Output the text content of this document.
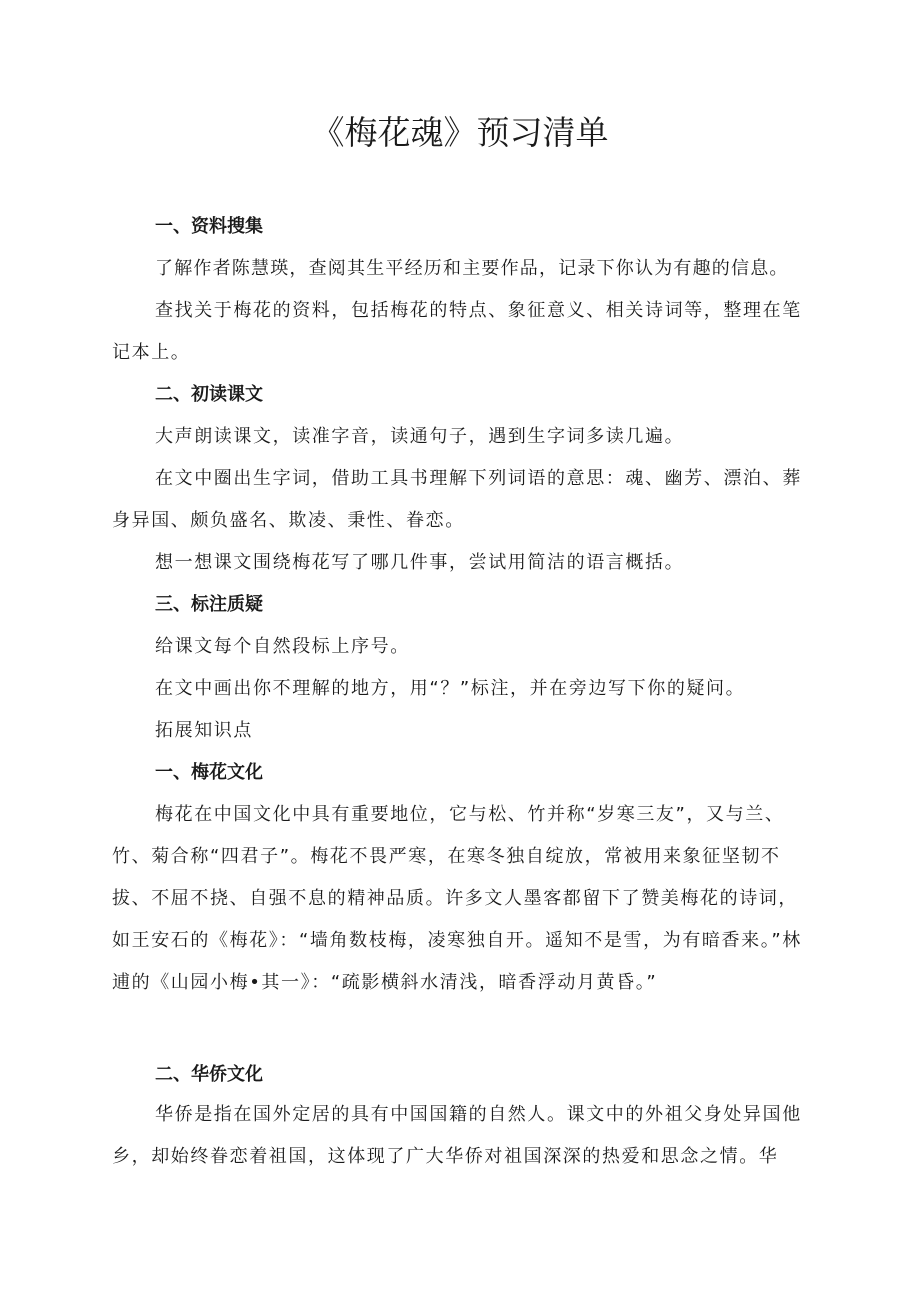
《梅花魂》预习清单
一、资料搜集

了解作者陈慧瑛，查阅其生平经历和主要作品，记录下你认为有趣的信息。

查找关于梅花的资料，包括梅花的特点、象征意义、相关诗词等，整理在笔记本上。

二、初读课文

大声朗读课文，读准字音，读通句子，遇到生字词多读几遍。

在文中圈出生字词，借助工具书理解下列词语的意思：魂、幽芳、漂泊、葬身异国、颇负盛名、欺凌、秉性、眷恋。

想一想课文围绕梅花写了哪几件事，尝试用简洁的语言概括。

三、标注质疑

给课文每个自然段标上序号。

在文中画出你不理解的地方，用“？”标注，并在旁边写下你的疑问。

拓展知识点
一、梅花文化

梅花在中国文化中具有重要地位，它与松、竹并称“岁寒三友”，又与兰、竹、菊合称“四君子”。梅花不畏严寒，在寒冬独自绽放，常被用来象征坚韧不拔、不屈不挠、自强不息的精神品质。许多文人墨客都留下了赞美梅花的诗词，如王安石的《梅花》：“墙角数枝梅，凌寒独自开。遥知不是雪，为有暗香来。”林逋的《山园小梅•其一》：“疏影横斜水清浅，暗香浮动月黄昏。”

二、华侨文化

华侨是指在国外定居的具有中国国籍的自然人。课文中的外祖父身处异国他乡，却始终眷恋着祖国，这体现了广大华侨对祖国深深的热爱和思念之情。华
